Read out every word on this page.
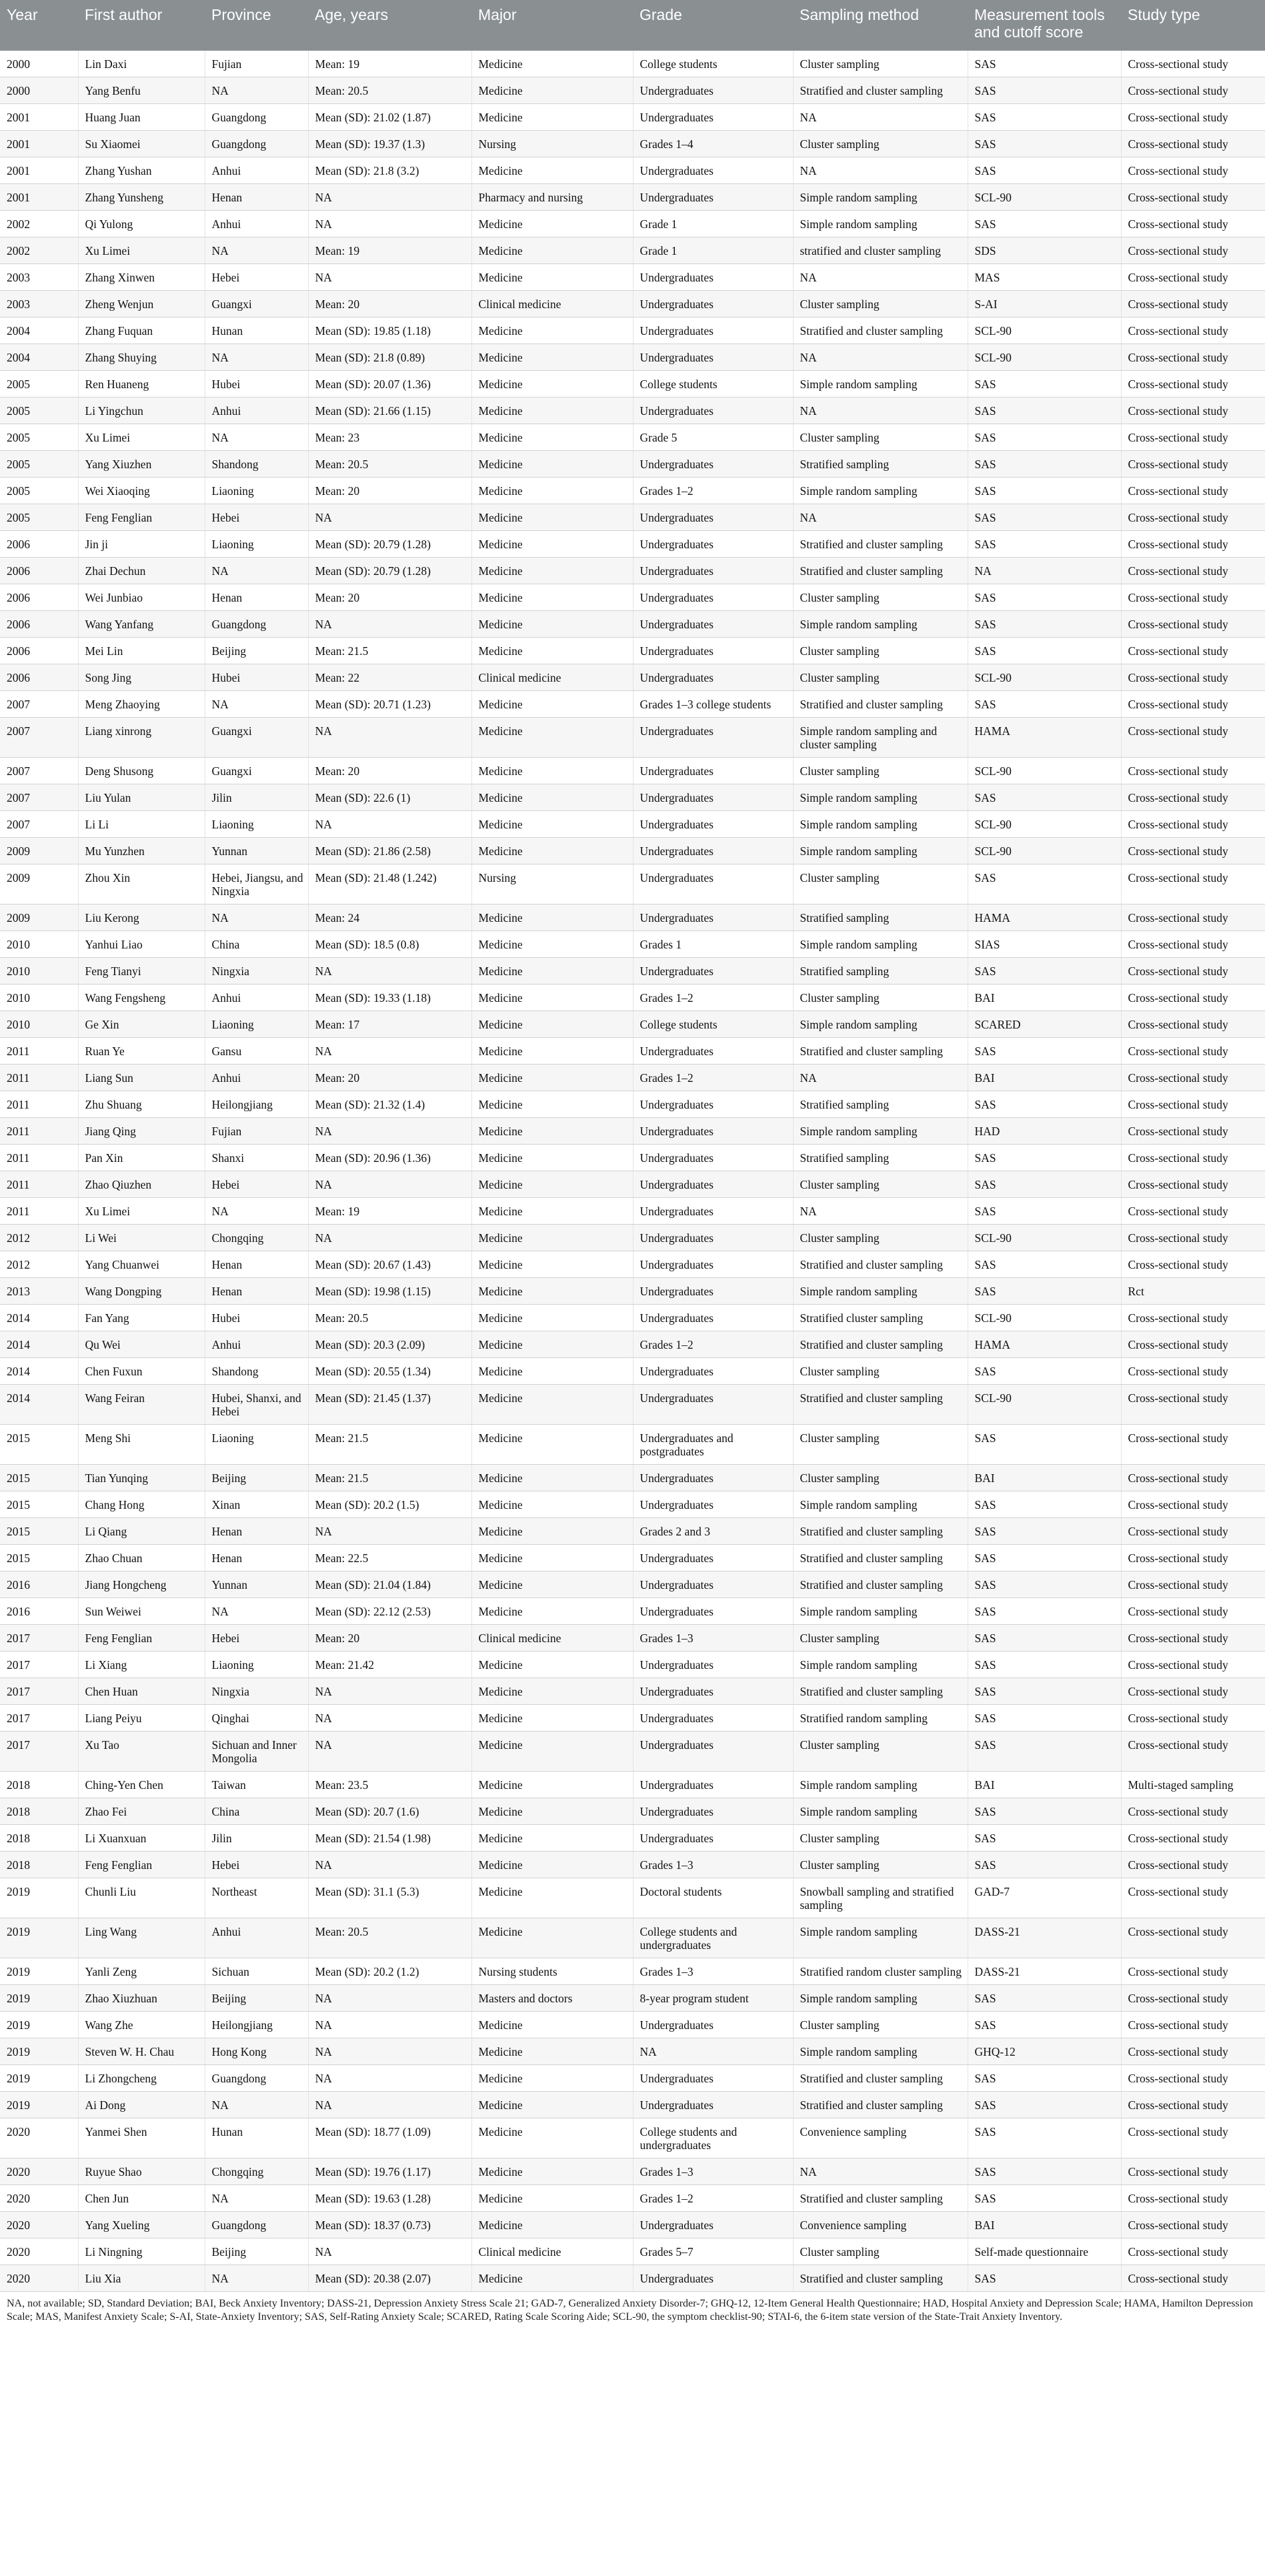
Year	First author	Province	Age, years	Major	Grade	Sampling method	Measurement tools and cutoff score	Study type
2000	Lin Daxi	Fujian	Mean: 19	Medicine	College students	Cluster sampling	SAS	Cross-sectional study
2000	Yang Benfu	NA	Mean: 20.5	Medicine	Undergraduates	Stratified and cluster sampling	SAS	Cross-sectional study
2001	Huang Juan	Guangdong	Mean (SD): 21.02 (1.87)	Medicine	Undergraduates	NA	SAS	Cross-sectional study
2001	Su Xiaomei	Guangdong	Mean (SD): 19.37 (1.3)	Nursing	Grades 1–4	Cluster sampling	SAS	Cross-sectional study
2001	Zhang Yushan	Anhui	Mean (SD): 21.8 (3.2)	Medicine	Undergraduates	NA	SAS	Cross-sectional study
2001	Zhang Yunsheng	Henan	NA	Pharmacy and nursing	Undergraduates	Simple random sampling	SCL-90	Cross-sectional study
2002	Qi Yulong	Anhui	NA	Medicine	Grade 1	Simple random sampling	SAS	Cross-sectional study
2002	Xu Limei	NA	Mean: 19	Medicine	Grade 1	stratified and cluster sampling	SDS	Cross-sectional study
2003	Zhang Xinwen	Hebei	NA	Medicine	Undergraduates	NA	MAS	Cross-sectional study
2003	Zheng Wenjun	Guangxi	Mean: 20	Clinical medicine	Undergraduates	Cluster sampling	S-AI	Cross-sectional study
2004	Zhang Fuquan	Hunan	Mean (SD): 19.85 (1.18)	Medicine	Undergraduates	Stratified and cluster sampling	SCL-90	Cross-sectional study
2004	Zhang Shuying	NA	Mean (SD): 21.8 (0.89)	Medicine	Undergraduates	NA	SCL-90	Cross-sectional study
2005	Ren Huaneng	Hubei	Mean (SD): 20.07 (1.36)	Medicine	College students	Simple random sampling	SAS	Cross-sectional study
2005	Li Yingchun	Anhui	Mean (SD): 21.66 (1.15)	Medicine	Undergraduates	NA	SAS	Cross-sectional study
2005	Xu Limei	NA	Mean: 23	Medicine	Grade 5	Cluster sampling	SAS	Cross-sectional study
2005	Yang Xiuzhen	Shandong	Mean: 20.5	Medicine	Undergraduates	Stratified sampling	SAS	Cross-sectional study
2005	Wei Xiaoqing	Liaoning	Mean: 20	Medicine	Grades 1–2	Simple random sampling	SAS	Cross-sectional study
2005	Feng Fenglian	Hebei	NA	Medicine	Undergraduates	NA	SAS	Cross-sectional study
2006	Jin ji	Liaoning	Mean (SD): 20.79 (1.28)	Medicine	Undergraduates	Stratified and cluster sampling	SAS	Cross-sectional study
2006	Zhai Dechun	NA	Mean (SD): 20.79 (1.28)	Medicine	Undergraduates	Stratified and cluster sampling	NA	Cross-sectional study
2006	Wei Junbiao	Henan	Mean: 20	Medicine	Undergraduates	Cluster sampling	SAS	Cross-sectional study
2006	Wang Yanfang	Guangdong	NA	Medicine	Undergraduates	Simple random sampling	SAS	Cross-sectional study
2006	Mei Lin	Beijing	Mean: 21.5	Medicine	Undergraduates	Cluster sampling	SAS	Cross-sectional study
2006	Song Jing	Hubei	Mean: 22	Clinical medicine	Undergraduates	Cluster sampling	SCL-90	Cross-sectional study
2007	Meng Zhaoying	NA	Mean (SD): 20.71 (1.23)	Medicine	Grades 1–3 college students	Stratified and cluster sampling	SAS	Cross-sectional study
2007	Liang xinrong	Guangxi	NA	Medicine	Undergraduates	Simple random sampling and cluster sampling	HAMA	Cross-sectional study
2007	Deng Shusong	Guangxi	Mean: 20	Medicine	Undergraduates	Cluster sampling	SCL-90	Cross-sectional study
2007	Liu Yulan	Jilin	Mean (SD): 22.6 (1)	Medicine	Undergraduates	Simple random sampling	SAS	Cross-sectional study
2007	Li Li	Liaoning	NA	Medicine	Undergraduates	Simple random sampling	SCL-90	Cross-sectional study
2009	Mu Yunzhen	Yunnan	Mean (SD): 21.86 (2.58)	Medicine	Undergraduates	Simple random sampling	SCL-90	Cross-sectional study
2009	Zhou Xin	Hebei, Jiangsu, and Ningxia	Mean (SD): 21.48 (1.242)	Nursing	Undergraduates	Cluster sampling	SAS	Cross-sectional study
2009	Liu Kerong	NA	Mean: 24	Medicine	Undergraduates	Stratified sampling	HAMA	Cross-sectional study
2010	Yanhui Liao	China	Mean (SD): 18.5 (0.8)	Medicine	Grades 1	Simple random sampling	SIAS	Cross-sectional study
2010	Feng Tianyi	Ningxia	NA	Medicine	Undergraduates	Stratified sampling	SAS	Cross-sectional study
2010	Wang Fengsheng	Anhui	Mean (SD): 19.33 (1.18)	Medicine	Grades 1–2	Cluster sampling	BAI	Cross-sectional study
2010	Ge Xin	Liaoning	Mean: 17	Medicine	College students	Simple random sampling	SCARED	Cross-sectional study
2011	Ruan Ye	Gansu	NA	Medicine	Undergraduates	Stratified and cluster sampling	SAS	Cross-sectional study
2011	Liang Sun	Anhui	Mean: 20	Medicine	Grades 1–2	NA	BAI	Cross-sectional study
2011	Zhu Shuang	Heilongjiang	Mean (SD): 21.32 (1.4)	Medicine	Undergraduates	Stratified sampling	SAS	Cross-sectional study
2011	Jiang Qing	Fujian	NA	Medicine	Undergraduates	Simple random sampling	HAD	Cross-sectional study
2011	Pan Xin	Shanxi	Mean (SD): 20.96 (1.36)	Medicine	Undergraduates	Stratified sampling	SAS	Cross-sectional study
2011	Zhao Qiuzhen	Hebei	NA	Medicine	Undergraduates	Cluster sampling	SAS	Cross-sectional study
2011	Xu Limei	NA	Mean: 19	Medicine	Undergraduates	NA	SAS	Cross-sectional study
2012	Li Wei	Chongqing	NA	Medicine	Undergraduates	Cluster sampling	SCL-90	Cross-sectional study
2012	Yang Chuanwei	Henan	Mean (SD): 20.67 (1.43)	Medicine	Undergraduates	Stratified and cluster sampling	SAS	Cross-sectional study
2013	Wang Dongping	Henan	Mean (SD): 19.98 (1.15)	Medicine	Undergraduates	Simple random sampling	SAS	Rct
2014	Fan Yang	Hubei	Mean: 20.5	Medicine	Undergraduates	Stratified cluster sampling	SCL-90	Cross-sectional study
2014	Qu Wei	Anhui	Mean (SD): 20.3 (2.09)	Medicine	Grades 1–2	Stratified and cluster sampling	HAMA	Cross-sectional study
2014	Chen Fuxun	Shandong	Mean (SD): 20.55 (1.34)	Medicine	Undergraduates	Cluster sampling	SAS	Cross-sectional study
2014	Wang Feiran	Hubei, Shanxi, and Hebei	Mean (SD): 21.45 (1.37)	Medicine	Undergraduates	Stratified and cluster sampling	SCL-90	Cross-sectional study
2015	Meng Shi	Liaoning	Mean: 21.5	Medicine	Undergraduates and postgraduates	Cluster sampling	SAS	Cross-sectional study
2015	Tian Yunqing	Beijing	Mean: 21.5	Medicine	Undergraduates	Cluster sampling	BAI	Cross-sectional study
2015	Chang Hong	Xinan	Mean (SD): 20.2 (1.5)	Medicine	Undergraduates	Simple random sampling	SAS	Cross-sectional study
2015	Li Qiang	Henan	NA	Medicine	Grades 2 and 3	Stratified and cluster sampling	SAS	Cross-sectional study
2015	Zhao Chuan	Henan	Mean: 22.5	Medicine	Undergraduates	Stratified and cluster sampling	SAS	Cross-sectional study
2016	Jiang Hongcheng	Yunnan	Mean (SD): 21.04 (1.84)	Medicine	Undergraduates	Stratified and cluster sampling	SAS	Cross-sectional study
2016	Sun Weiwei	NA	Mean (SD): 22.12 (2.53)	Medicine	Undergraduates	Simple random sampling	SAS	Cross-sectional study
2017	Feng Fenglian	Hebei	Mean: 20	Clinical medicine	Grades 1–3	Cluster sampling	SAS	Cross-sectional study
2017	Li Xiang	Liaoning	Mean: 21.42	Medicine	Undergraduates	Simple random sampling	SAS	Cross-sectional study
2017	Chen Huan	Ningxia	NA	Medicine	Undergraduates	Stratified and cluster sampling	SAS	Cross-sectional study
2017	Liang Peiyu	Qinghai	NA	Medicine	Undergraduates	Stratified random sampling	SAS	Cross-sectional study
2017	Xu Tao	Sichuan and Inner Mongolia	NA	Medicine	Undergraduates	Cluster sampling	SAS	Cross-sectional study
2018	Ching-Yen Chen	Taiwan	Mean: 23.5	Medicine	Undergraduates	Simple random sampling	BAI	Multi-staged sampling
2018	Zhao Fei	China	Mean (SD): 20.7 (1.6)	Medicine	Undergraduates	Simple random sampling	SAS	Cross-sectional study
2018	Li Xuanxuan	Jilin	Mean (SD): 21.54 (1.98)	Medicine	Undergraduates	Cluster sampling	SAS	Cross-sectional study
2018	Feng Fenglian	Hebei	NA	Medicine	Grades 1–3	Cluster sampling	SAS	Cross-sectional study
2019	Chunli Liu	Northeast	Mean (SD): 31.1 (5.3)	Medicine	Doctoral students	Snowball sampling and stratified sampling	GAD-7	Cross-sectional study
2019	Ling Wang	Anhui	Mean: 20.5	Medicine	College students and undergraduates	Simple random sampling	DASS-21	Cross-sectional study
2019	Yanli Zeng	Sichuan	Mean (SD): 20.2 (1.2)	Nursing students	Grades 1–3	Stratified random cluster sampling	DASS-21	Cross-sectional study
2019	Zhao Xiuzhuan	Beijing	NA	Masters and doctors	8-year program student	Simple random sampling	SAS	Cross-sectional study
2019	Wang Zhe	Heilongjiang	NA	Medicine	Undergraduates	Cluster sampling	SAS	Cross-sectional study
2019	Steven W. H. Chau	Hong Kong	NA	Medicine	NA	Simple random sampling	GHQ-12	Cross-sectional study
2019	Li Zhongcheng	Guangdong	NA	Medicine	Undergraduates	Stratified and cluster sampling	SAS	Cross-sectional study
2019	Ai Dong	NA	NA	Medicine	Undergraduates	Stratified and cluster sampling	SAS	Cross-sectional study
2020	Yanmei Shen	Hunan	Mean (SD): 18.77 (1.09)	Medicine	College students and undergraduates	Convenience sampling	SAS	Cross-sectional study
2020	Ruyue Shao	Chongqing	Mean (SD): 19.76 (1.17)	Medicine	Grades 1–3	NA	SAS	Cross-sectional study
2020	Chen Jun	NA	Mean (SD): 19.63 (1.28)	Medicine	Grades 1–2	Stratified and cluster sampling	SAS	Cross-sectional study
2020	Yang Xueling	Guangdong	Mean (SD): 18.37 (0.73)	Medicine	Undergraduates	Convenience sampling	BAI	Cross-sectional study
2020	Li Ningning	Beijing	NA	Clinical medicine	Grades 5–7	Cluster sampling	Self-made questionnaire	Cross-sectional study
2020	Liu Xia	NA	Mean (SD): 20.38 (2.07)	Medicine	Undergraduates	Stratified and cluster sampling	SAS	Cross-sectional study
NA, not available; SD, Standard Deviation; BAI, Beck Anxiety Inventory; DASS-21, Depression Anxiety Stress Scale 21; GAD-7, Generalized Anxiety Disorder-7; GHQ-12, 12-Item General Health Questionnaire; HAD, Hospital Anxiety and Depression Scale; HAMA, Hamilton Depression Scale; MAS, Manifest Anxiety Scale; S-AI, State-Anxiety Inventory; SAS, Self-Rating Anxiety Scale; SCARED, Rating Scale Scoring Aide; SCL-90, the symptom checklist-90; STAI-6, the 6-item state version of the State-Trait Anxiety Inventory.
